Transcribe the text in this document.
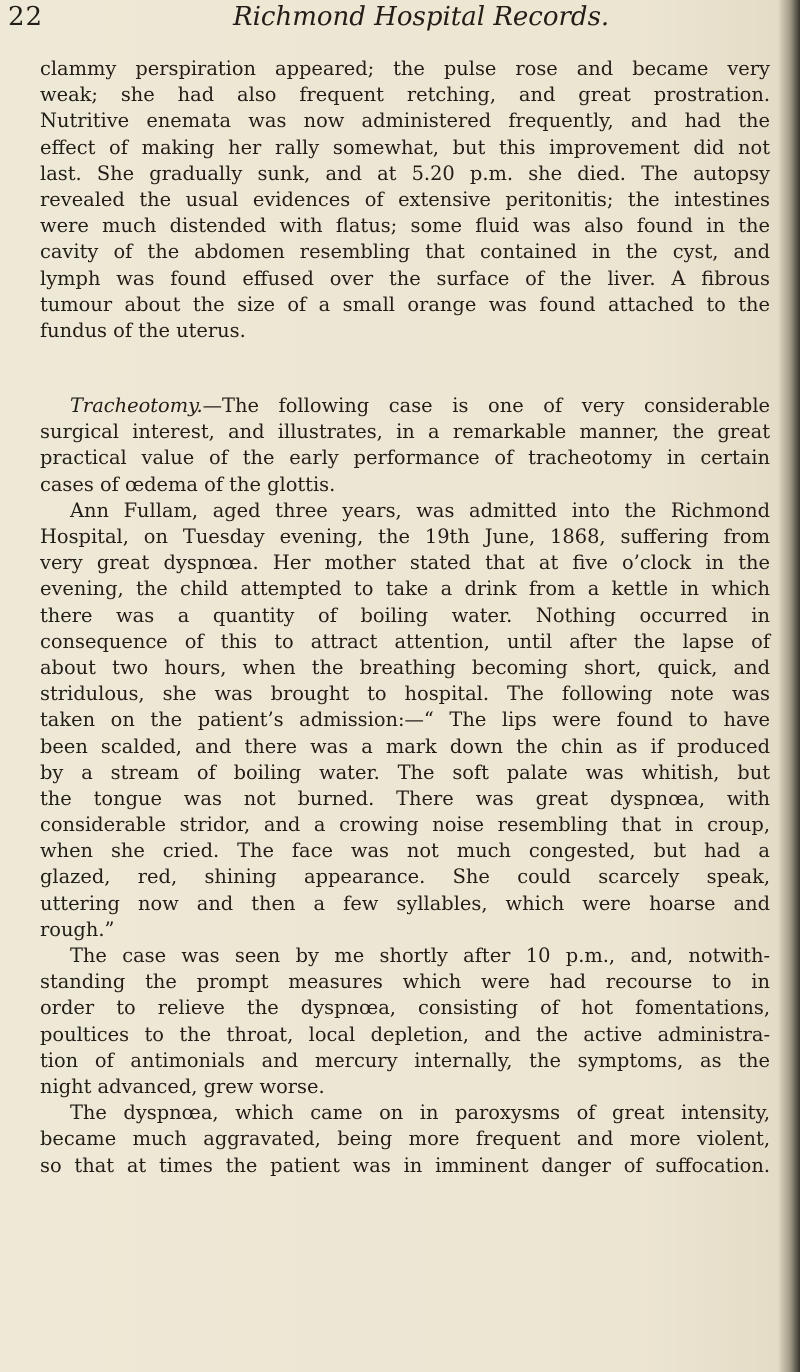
22	Richmond Hospital Records.
clammy perspiration appeared; the pulse rose and became very
weak; she had also frequent retching, and great prostration.
Nutritive enemata was now administered frequently, and had the
effect of making her rally somewhat, but this improvement did not
last. She gradually sunk, and at 5.20 p.m. she died. The autopsy
revealed the usual evidences of extensive peritonitis; the intestines
were much distended with flatus; some fluid was also found in the
cavity of the abdomen resembling that contained in the cyst, and
lymph was found effused over the surface of the liver. A fibrous
tumour about the size of a small orange was found attached to the
fundus of the uterus.
Tracheotomy.—The following case is one of very considerable
surgical interest, and illustrates, in a remarkable manner, the great
practical value of the early performance of tracheotomy in certain
cases of œdema of the glottis.
Ann Fullam, aged three years, was admitted into the Richmond
Hospital, on Tuesday evening, the 19th June, 1868, suffering from
very great dyspnœa. Her mother stated that at five o’clock in the
evening, the child attempted to take a drink from a kettle in which
there was a quantity of boiling water. Nothing occurred in
consequence of this to attract attention, until after the lapse of
about two hours, when the breathing becoming short, quick, and
stridulous, she was brought to hospital. The following note was
taken on the patient’s admission:—“ The lips were found to have
been scalded, and there was a mark down the chin as if produced
by a stream of boiling water. The soft palate was whitish, but
the tongue was not burned. There was great dyspnœa, with
considerable stridor, and a crowing noise resembling that in croup,
when she cried. The face was not much congested, but had a
glazed, red, shining appearance. She could scarcely speak,
uttering now and then a few syllables, which were hoarse and
rough.”
The case was seen by me shortly after 10 p.m., and, notwith-
standing the prompt measures which were had recourse to in
order to relieve the dyspnœa, consisting of hot fomentations,
poultices to the throat, local depletion, and the active administra-
tion of antimonials and mercury internally, the symptoms, as the
night advanced, grew worse.
The dyspnœa, which came on in paroxysms of great intensity,
became much aggravated, being more frequent and more violent,
so that at times the patient was in imminent danger of suffocation.
